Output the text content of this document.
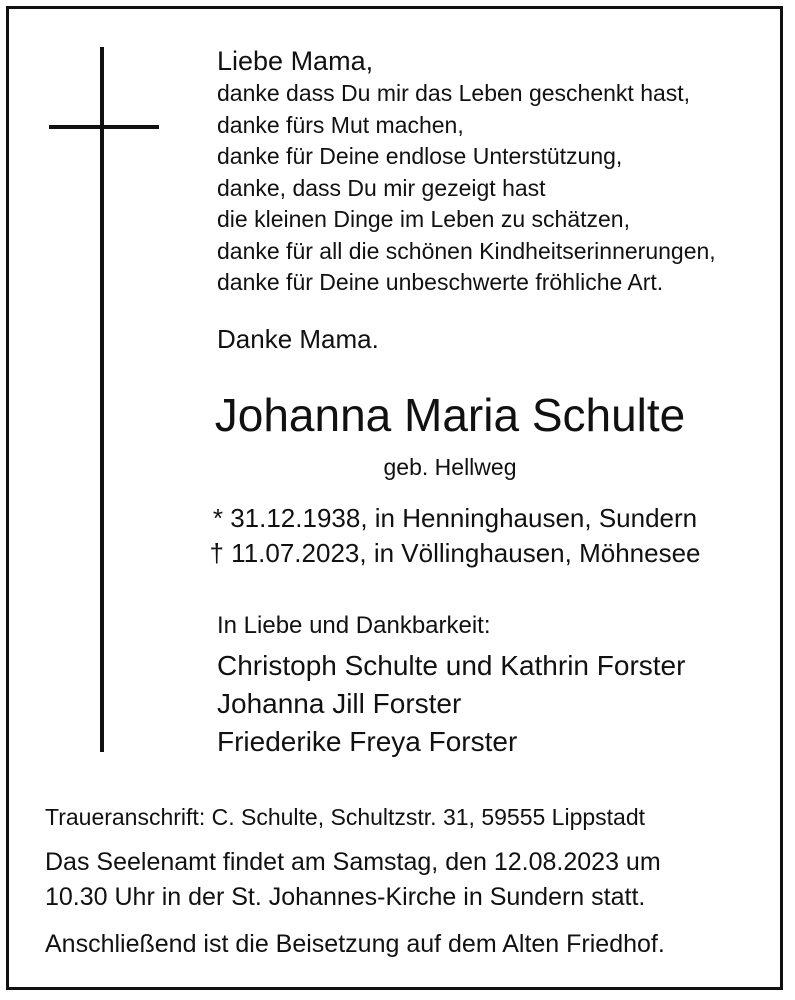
Liebe Mama,

danke dass Du mir das Leben geschenkt hast,

danke fürs Mut machen,

danke für Deine endlose Unterstützung,

danke, dass Du mir gezeigt hast

die kleinen Dinge im Leben zu schätzen,

danke für all die schönen Kindheitserinnerungen,

danke für Deine unbeschwerte fröhliche Art.

Danke Mama.

Johanna Maria Schulte

geb. Hellweg

* 31.12.1938, in Henninghausen, Sundern

† 11.07.2023, in Völlinghausen, Möhnesee

In Liebe und Dankbarkeit:

Christoph Schulte und Kathrin Forster

Johanna Jill Forster

Friederike Freya Forster

Traueranschrift: C. Schulte, Schultzstr. 31, 59555 Lippstadt

Das Seelenamt findet am Samstag, den 12.08.2023 um

10.30 Uhr in der St. Johannes-Kirche in Sundern statt.

Anschließend ist die Beisetzung auf dem Alten Friedhof.
